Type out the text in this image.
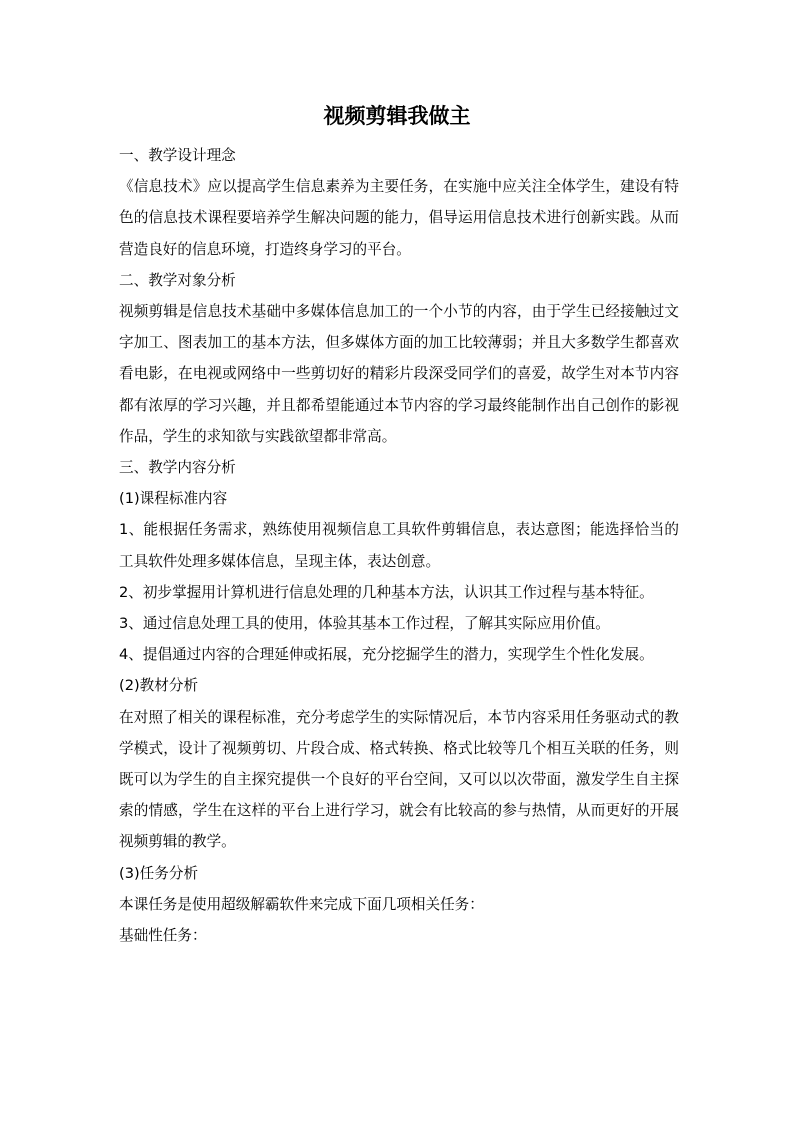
视频剪辑我做主

一、教学设计理念

《信息技术》应以提高学生信息素养为主要任务，在实施中应关注全体学生，建设有特色的信息技术课程要培养学生解决问题的能力，倡导运用信息技术进行创新实践。从而营造良好的信息环境，打造终身学习的平台。

二、教学对象分析

视频剪辑是信息技术基础中多媒体信息加工的一个小节的内容，由于学生已经接触过文字加工、图表加工的基本方法，但多媒体方面的加工比较薄弱；并且大多数学生都喜欢看电影，在电视或网络中一些剪切好的精彩片段深受同学们的喜爱，故学生对本节内容都有浓厚的学习兴趣，并且都希望能通过本节内容的学习最终能制作出自己创作的影视作品，学生的求知欲与实践欲望都非常高。

三、教学内容分析

(1)课程标准内容

1、能根据任务需求，熟练使用视频信息工具软件剪辑信息，表达意图；能选择恰当的工具软件处理多媒体信息，呈现主体，表达创意。

2、初步掌握用计算机进行信息处理的几种基本方法，认识其工作过程与基本特征。

3、通过信息处理工具的使用，体验其基本工作过程，了解其实际应用价值。

4、提倡通过内容的合理延伸或拓展，充分挖掘学生的潜力，实现学生个性化发展。

(2)教材分析

在对照了相关的课程标准，充分考虑学生的实际情况后，本节内容采用任务驱动式的教学模式，设计了视频剪切、片段合成、格式转换、格式比较等几个相互关联的任务，则既可以为学生的自主探究提供一个良好的平台空间，又可以以次带面，激发学生自主探索的情感，学生在这样的平台上进行学习，就会有比较高的参与热情，从而更好的开展视频剪辑的教学。

(3)任务分析

本课任务是使用超级解霸软件来完成下面几项相关任务：

基础性任务：
